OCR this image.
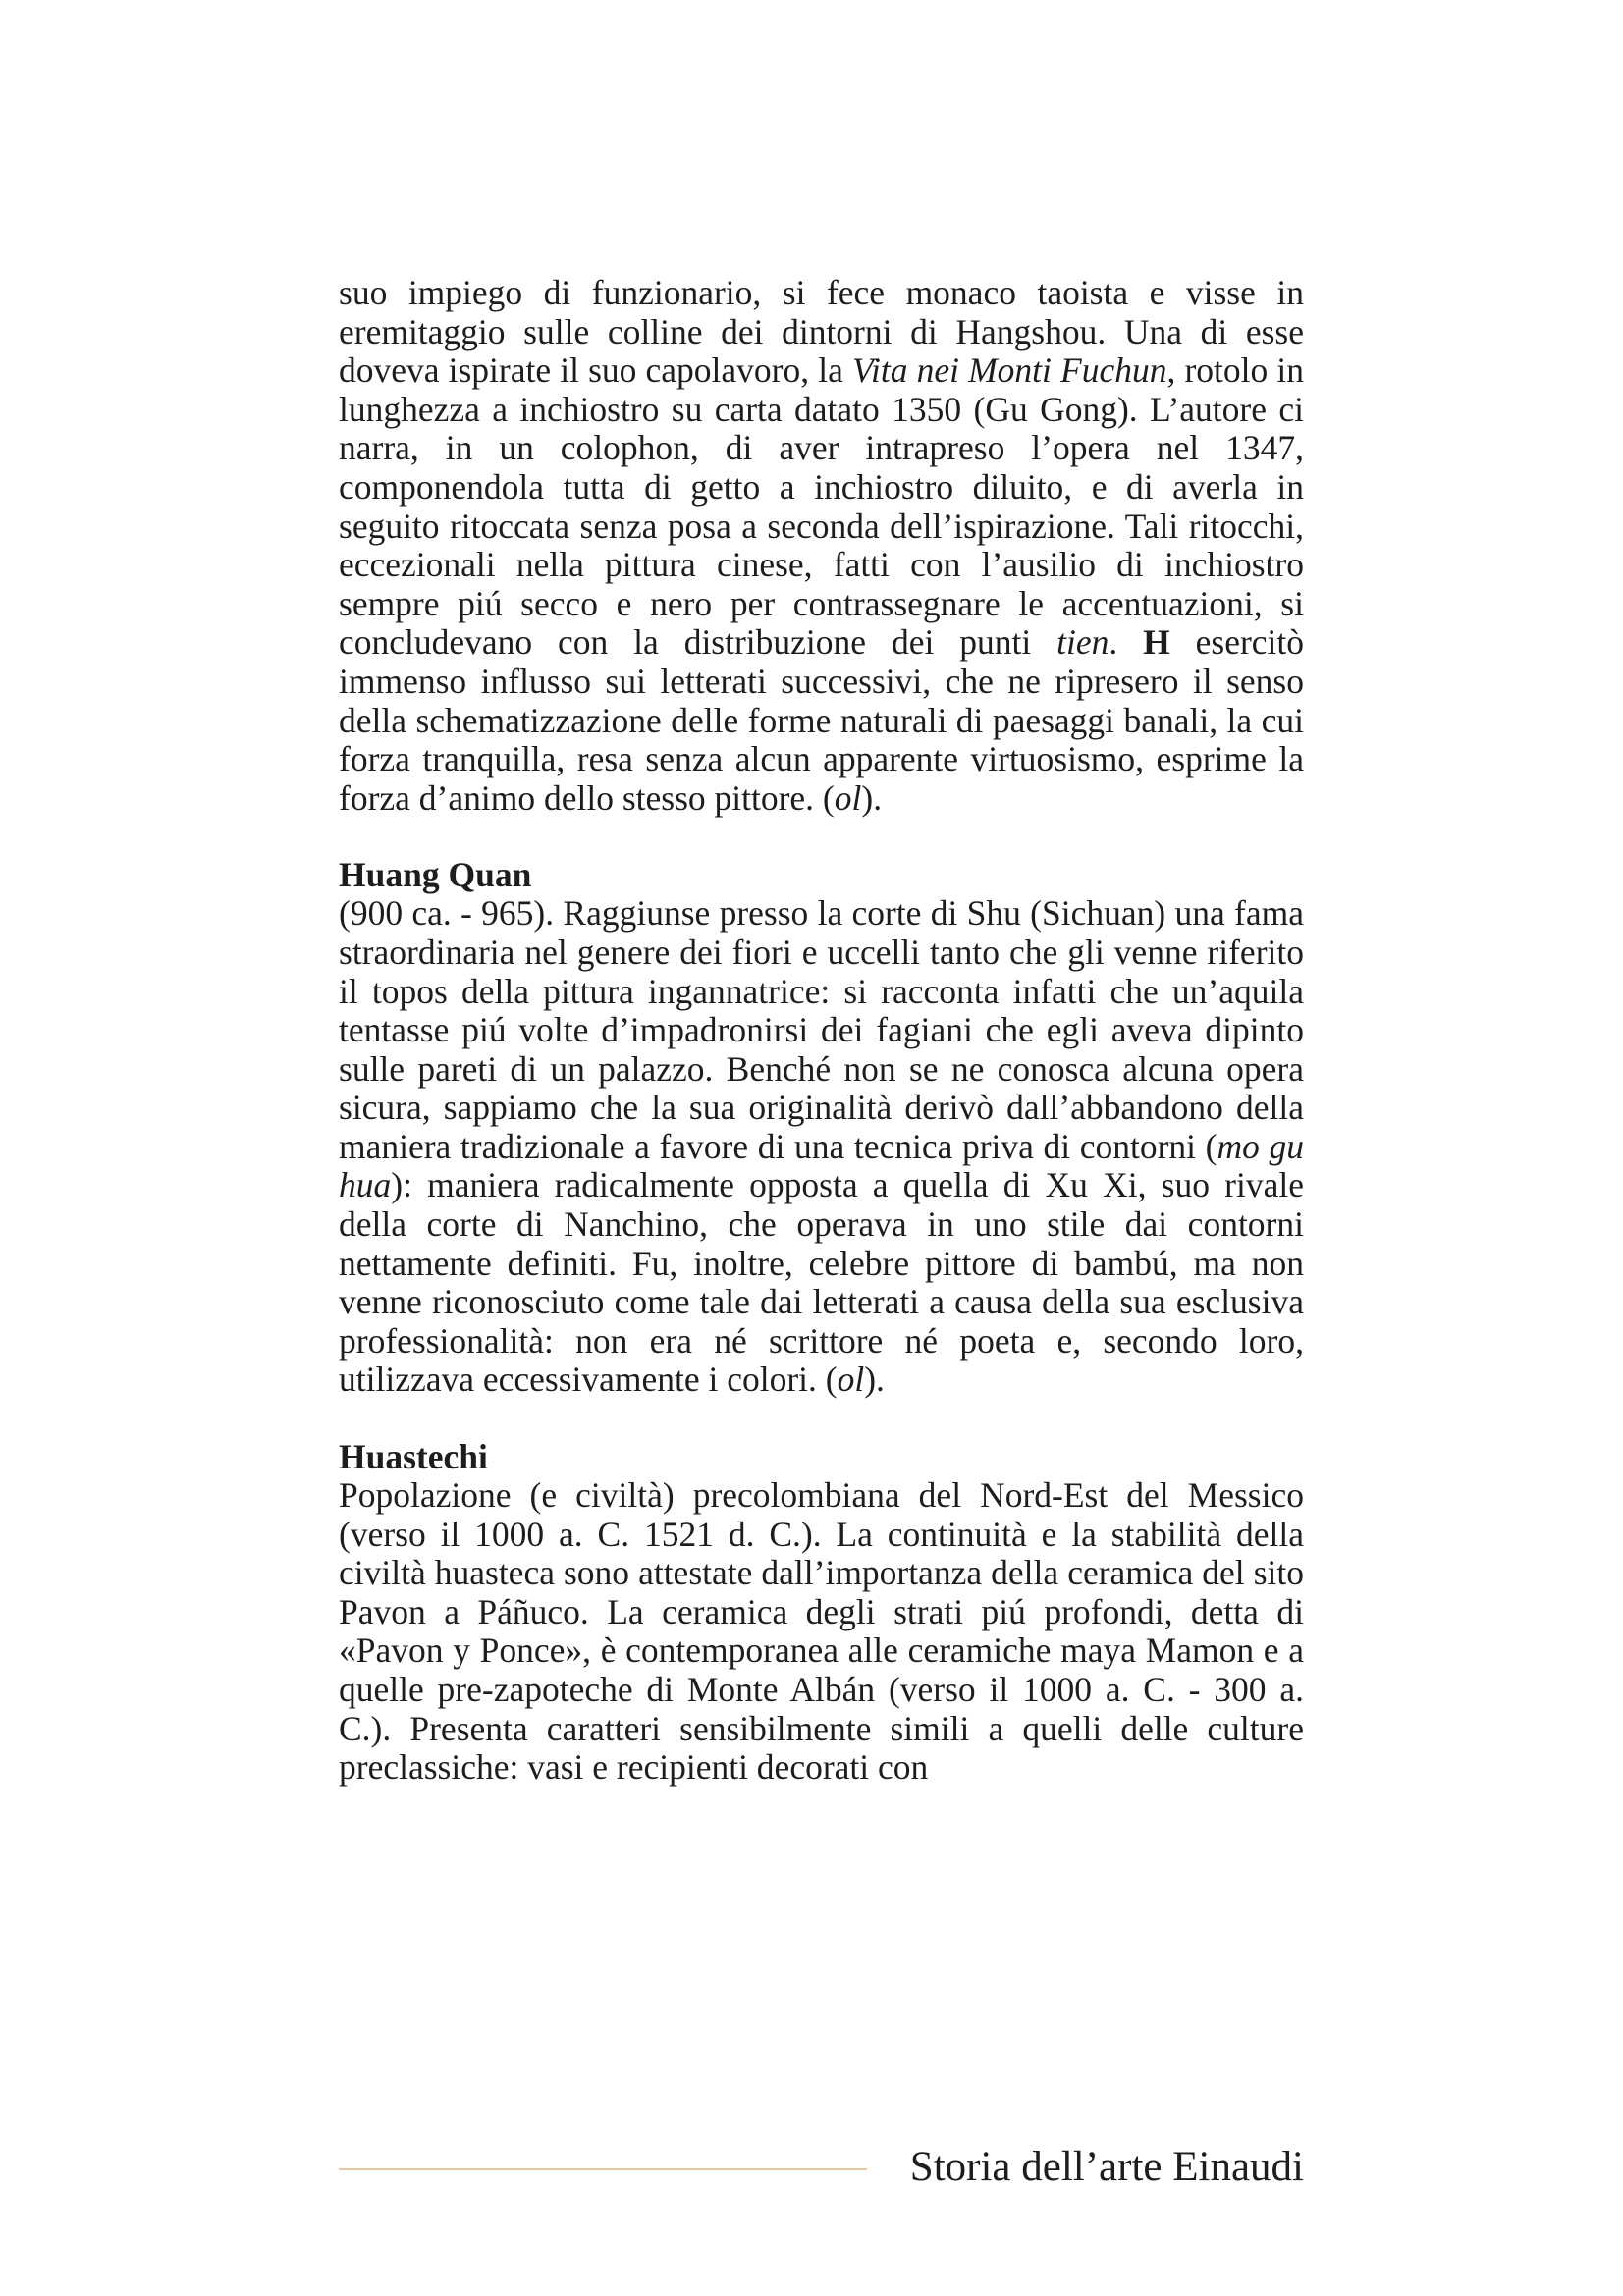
suo impiego di funzionario, si fece monaco taoista e visse in eremitaggio sulle colline dei dintorni di Hangshou. Una di esse doveva ispirate il suo capolavoro, la Vita nei Monti Fuchun, rotolo in lunghezza a inchiostro su carta datato 1350 (Gu Gong). L’autore ci narra, in un colophon, di aver intrapreso l’opera nel 1347, componendola tutta di getto a inchiostro diluito, e di averla in seguito ritoccata senza posa a seconda dell’ispirazione. Tali ritocchi, eccezionali nella pittura cinese, fatti con l’ausilio di inchiostro sempre piú secco e nero per contrassegnare le accentuazioni, si concludevano con la distribuzione dei punti tien. H esercitò immenso influsso sui letterati successivi, che ne ripresero il senso della schematizzazione delle forme naturali di paesaggi banali, la cui forza tranquilla, resa senza alcun apparente virtuosismo, esprime la forza d’animo dello stesso pittore. (ol).

Huang Quan

(900 ca. - 965). Raggiunse presso la corte di Shu (Sichuan) una fama straordinaria nel genere dei fiori e uccelli tanto che gli venne riferito il topos della pittura ingannatrice: si racconta infatti che un’aquila tentasse piú volte d’impadronirsi dei fagiani che egli aveva dipinto sulle pareti di un palazzo. Benché non se ne conosca alcuna opera sicura, sappiamo che la sua originalità derivò dall’abbandono della maniera tradizionale a favore di una tecnica priva di contorni (mo gu hua): maniera radicalmente opposta a quella di Xu Xi, suo rivale della corte di Nanchino, che operava in uno stile dai contorni nettamente definiti. Fu, inoltre, celebre pittore di bambú, ma non venne riconosciuto come tale dai letterati a causa della sua esclusiva professionalità: non era né scrittore né poeta e, secondo loro, utilizzava eccessivamente i colori. (ol).

Huastechi

Popolazione (e civiltà) precolombiana del Nord-Est del Messico (verso il 1000 a. C. 1521 d. C.). La continuità e la stabilità della civiltà huasteca sono attestate dall’importanza della ceramica del sito Pavon a Páñuco. La ceramica degli strati piú profondi, detta di «Pavon y Ponce», è contemporanea alle ceramiche maya Mamon e a quelle pre-zapoteche di Monte Albán (verso il 1000 a. C. - 300 a. C.). Presenta caratteri sensibilmente simili a quelli delle culture preclassiche: vasi e recipienti decorati con

Storia dell’arte Einaudi
